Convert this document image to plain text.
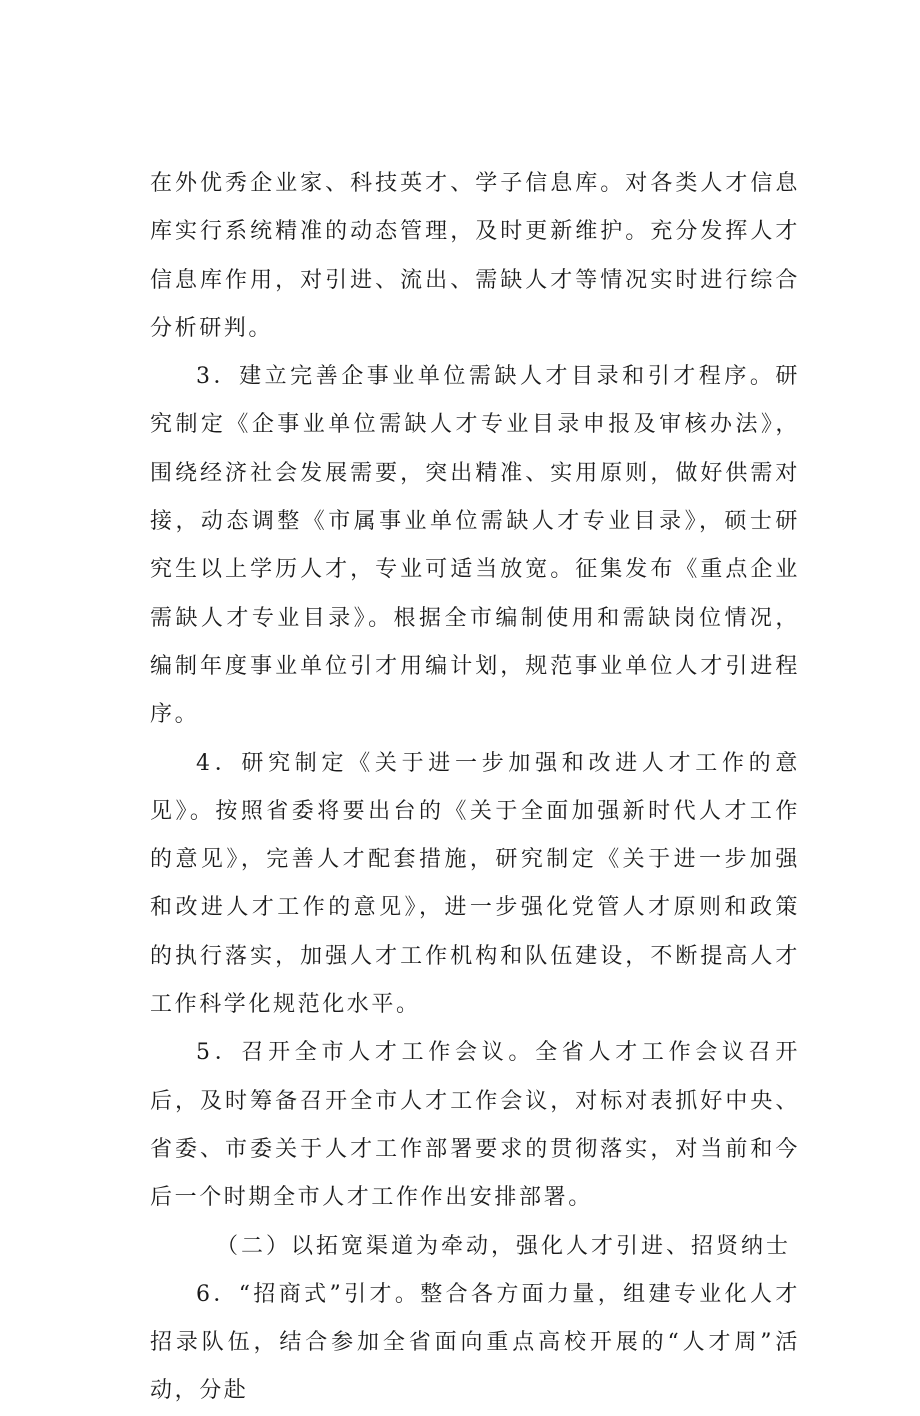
在外优秀企业家、科技英才、学子信息库。对各类人才信息库实行系统精准的动态管理，及时更新维护。充分发挥人才信息库作用，对引进、流出、需缺人才等情况实时进行综合分析研判。

3．建立完善企事业单位需缺人才目录和引才程序。研究制定《企事业单位需缺人才专业目录申报及审核办法》，围绕经济社会发展需要，突出精准、实用原则，做好供需对接，动态调整《市属事业单位需缺人才专业目录》，硕士研究生以上学历人才，专业可适当放宽。征集发布《重点企业需缺人才专业目录》。根据全市编制使用和需缺岗位情况，编制年度事业单位引才用编计划，规范事业单位人才引进程序。

4．研究制定《关于进一步加强和改进人才工作的意见》。按照省委将要出台的《关于全面加强新时代人才工作的意见》，完善人才配套措施，研究制定《关于进一步加强和改进人才工作的意见》，进一步强化党管人才原则和政策的执行落实，加强人才工作机构和队伍建设，不断提高人才工作科学化规范化水平。

5．召开全市人才工作会议。全省人才工作会议召开后，及时筹备召开全市人才工作会议，对标对表抓好中央、省委、市委关于人才工作部署要求的贯彻落实，对当前和今后一个时期全市人才工作作出安排部署。

（二）以拓宽渠道为牵动，强化人才引进、招贤纳士

6．“招商式”引才。整合各方面力量，组建专业化人才招录队伍，结合参加全省面向重点高校开展的“人才周”活动，分赴
